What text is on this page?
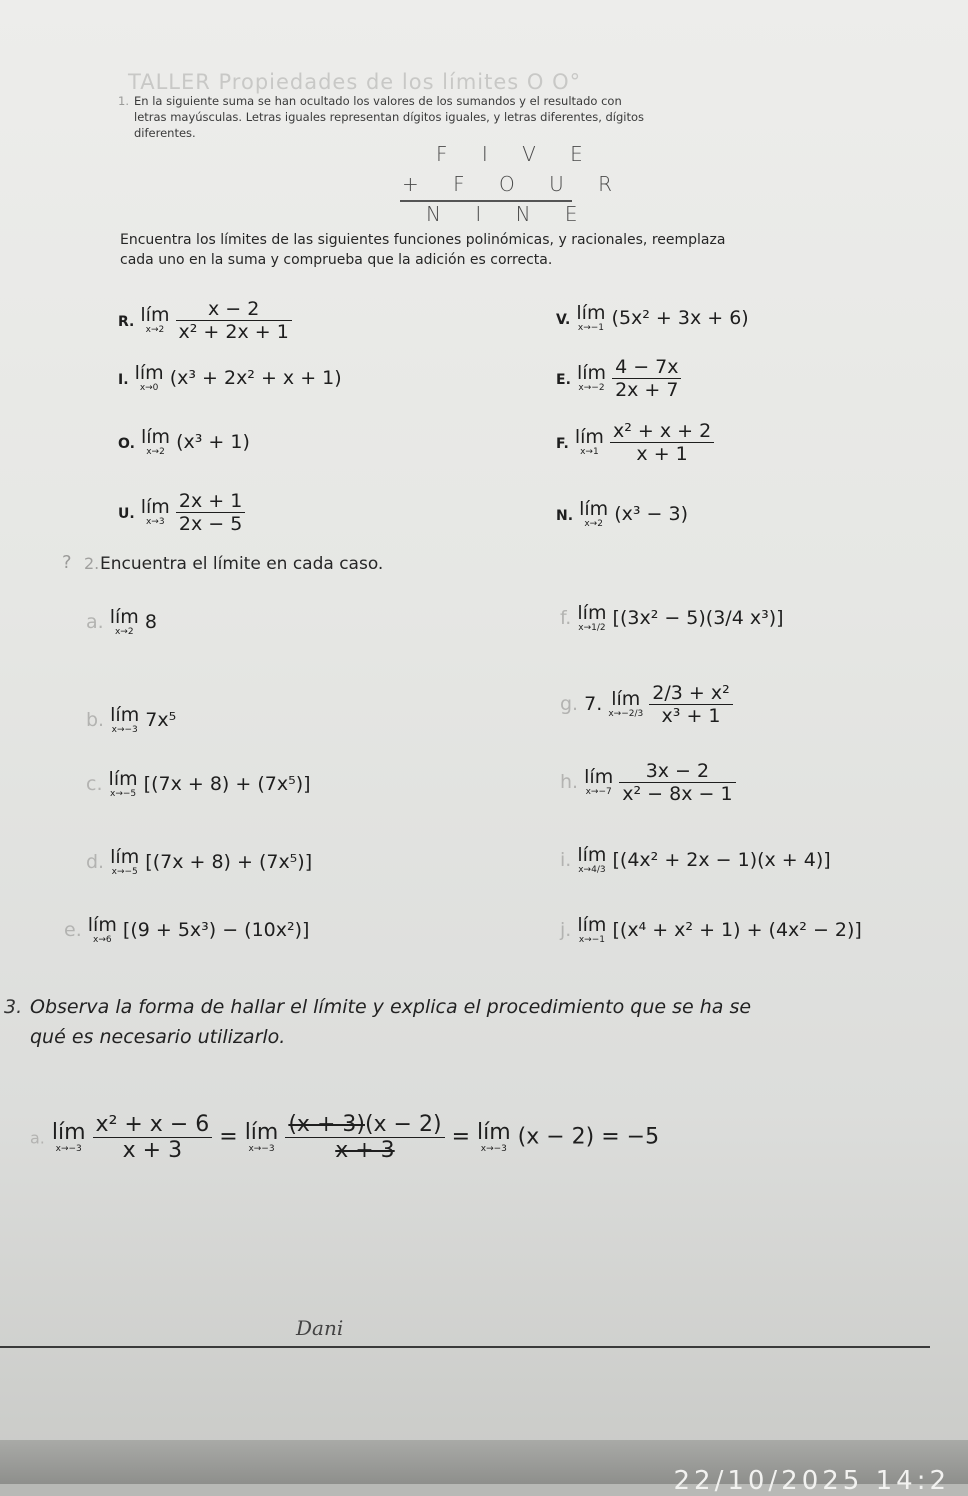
TALLER Propiedades de los límites O O°
1. En la siguiente suma se han ocultado los valores de los sumandos y el resultado con
letras mayúsculas. Letras iguales representan dígitos iguales, y letras diferentes, dígitos
diferentes.
F I V E
+ F O U R
N I N E
Encuentra los límites de las siguientes funciones polinómicas, y racionales, reemplaza
cada uno en la suma y comprueba que la adición es correcta.
R. lím
x→2
$\frac{x - 2}{\text{x² + 2x + 1}}$
I. lím
x→0 (x³ + 2x² + x + 1)
O. lím
x→2 (x³ + 1)
U. lím
x→3
$\frac{2x + 1}{2x - 5}$
V. lím
x→−1 (5x² + 3x + 6)
E. lím
x→−2
$\frac{4 - 7x}{2x + 7}$
F. lím
x→1
$\frac{\text{x² + x + 2}}{x + 1}$
N. lím
x→2 (x³ − 3)
? 2. Encuentra el límite en cada caso.
a. lím
x→2 8
b. lím
x→−3 7x⁵
c. lím
x→−5 [(7x + 8) + (7x⁵)]
d. lím
x→−5 [(7x + 8) + (7x⁵)]
e. lím
x→6 [(9 + 5x³) − (10x²)]
f. lím
x→1/2 [(3x² − 5)(3/4 x³)]
g. 7. lím
x→−2/3
$\frac{\text{2/3 + x²}}{\text{x³ + 1}}$
h. lím
x→−7
$\frac{3x - 2}{\text{x² − 8x − 1}}$
i. lím
x→4/3 [(4x² + 2x − 1)(x + 4)]
j. lím
x→−1 [(x⁴ + x² + 1) + (4x² − 2)]
3. Observa la forma de hallar el límite y explica el procedimiento que se ha se
qué es necesario utilizarlo.
a. lím
x→−3
$\frac{\text{x² + x − 6}}{x + 3}$ = lím
x→−3
$\frac{(x + 3)(x - 2)}{x + 3}$ = lím
x→−3 (x − 2) = −5
Dani
22/10/2025 14:2
